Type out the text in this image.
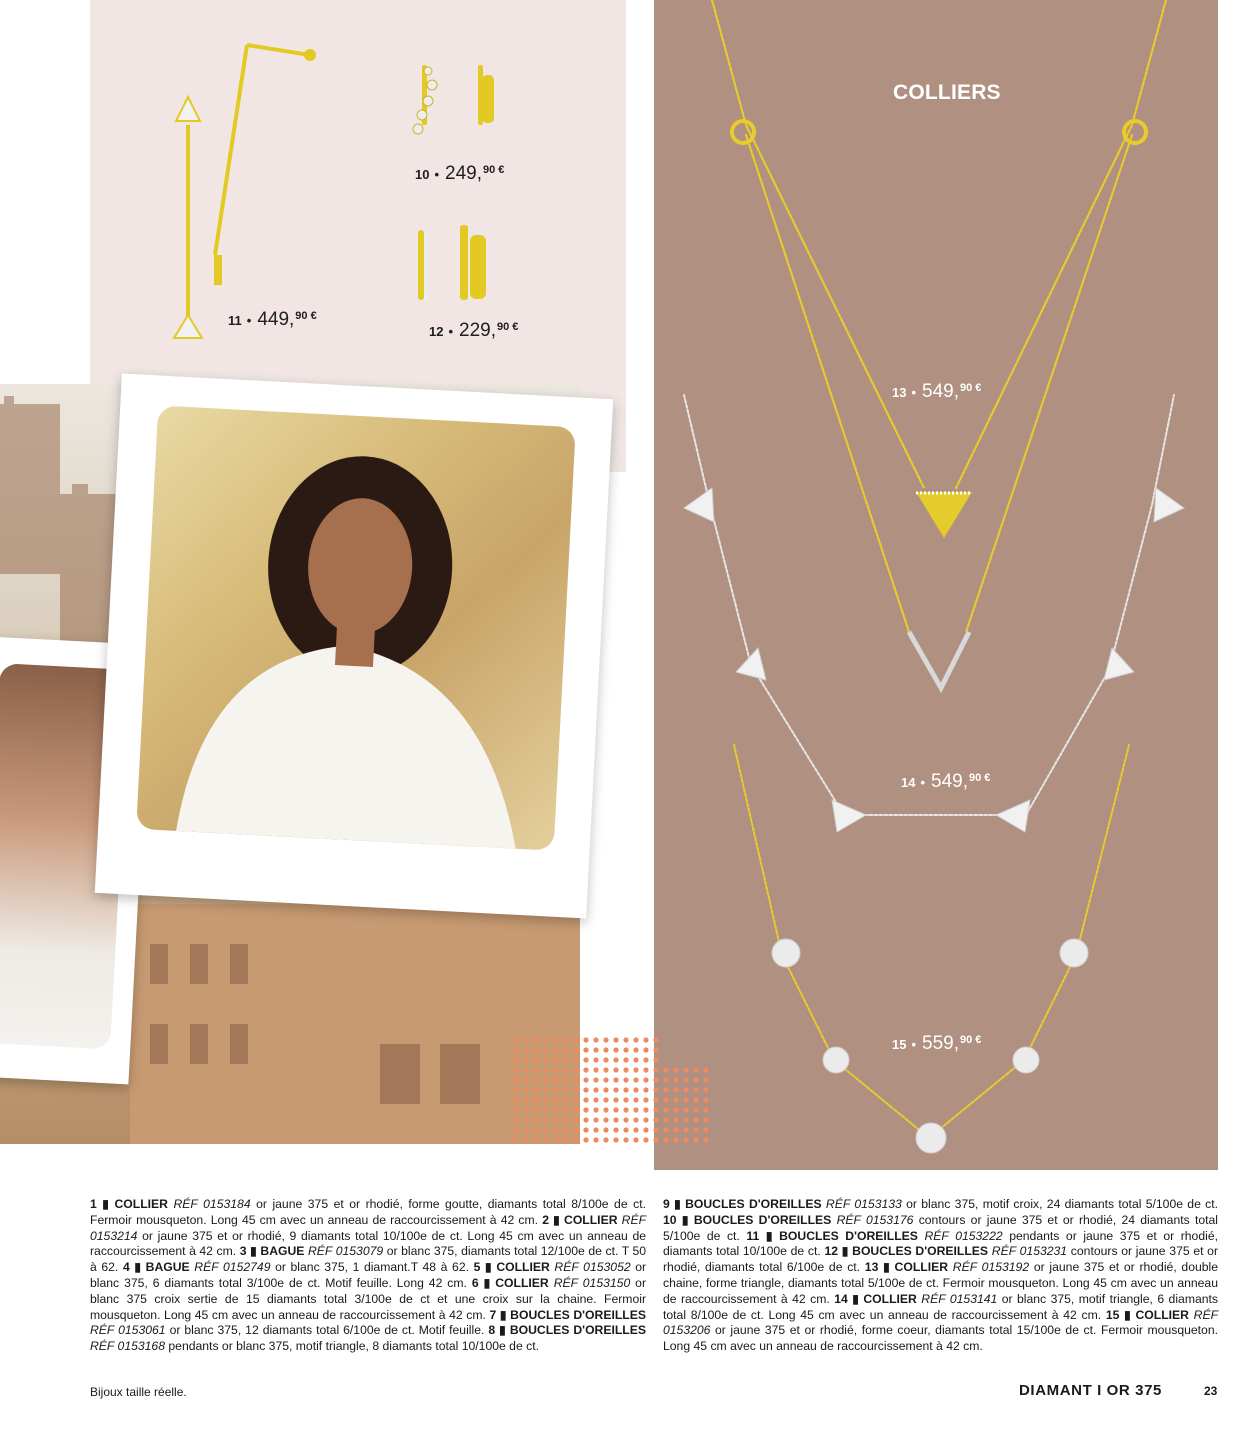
COLLIERS
10 • 249, 90 €
11 • 449, 90 €
12 • 229, 90 €
13 • 549, 90 €
14 • 549, 90 €
15 • 559, 90 €
1 ▮ COLLIER RÉF 0153184 or jaune 375 et or rhodié, forme goutte, diamants total 8/100e de ct. Fermoir mousqueton. Long 45 cm avec un anneau de raccourcissement à 42 cm. 2 ▮ COLLIER RÉF 0153214 or jaune 375 et or rhodié, 9 diamants total 10/100e de ct. Long 45 cm avec un anneau de raccourcissement à 42 cm. 3 ▮ BAGUE RÉF 0153079 or blanc 375, diamants total 12/100e de ct. T 50 à 62. 4 ▮ BAGUE RÉF 0152749 or blanc 375, 1 diamant.T 48 à 62. 5 ▮ COLLIER RÉF 0153052 or blanc 375, 6 diamants total 3/100e de ct. Motif feuille. Long 42 cm. 6 ▮ COLLIER RÉF 0153150 or blanc 375 croix sertie de 15 diamants total 3/100e de ct et une croix sur la chaine. Fermoir mousqueton. Long 45 cm avec un anneau de raccourcissement à 42 cm. 7 ▮ BOUCLES D'OREILLES RÉF 0153061 or blanc 375, 12 diamants total 6/100e de ct. Motif feuille. 8 ▮ BOUCLES D'OREILLES RÉF 0153168 pendants or blanc 375, motif triangle, 8 diamants total 10/100e de ct.
9 ▮ BOUCLES D'OREILLES RÉF 0153133 or blanc 375, motif croix, 24 diamants total 5/100e de ct. 10 ▮ BOUCLES D'OREILLES RÉF 0153176 contours or jaune 375 et or rhodié, 24 diamants total 5/100e de ct. 11 ▮ BOUCLES D'OREILLES RÉF 0153222 pendants or jaune 375 et or rhodié, diamants total 10/100e de ct. 12 ▮ BOUCLES D'OREILLES RÉF 0153231 contours or jaune 375 et or rhodié, diamants total 6/100e de ct. 13 ▮ COLLIER RÉF 0153192 or jaune 375 et or rhodié, double chaine, forme triangle, diamants total 5/100e de ct. Fermoir mousqueton. Long 45 cm avec un anneau de raccourcissement à 42 cm. 14 ▮ COLLIER RÉF 0153141 or blanc 375, motif triangle, 6 diamants total 8/100e de ct. Long 45 cm avec un anneau de raccourcissement à 42 cm. 15 ▮ COLLIER RÉF 0153206 or jaune 375 et or rhodié, forme coeur, diamants total 15/100e de ct. Fermoir mousqueton. Long 45 cm avec un anneau de raccourcissement à 42 cm.
Bijoux taille réelle.	DIAMANT I OR 375	23
